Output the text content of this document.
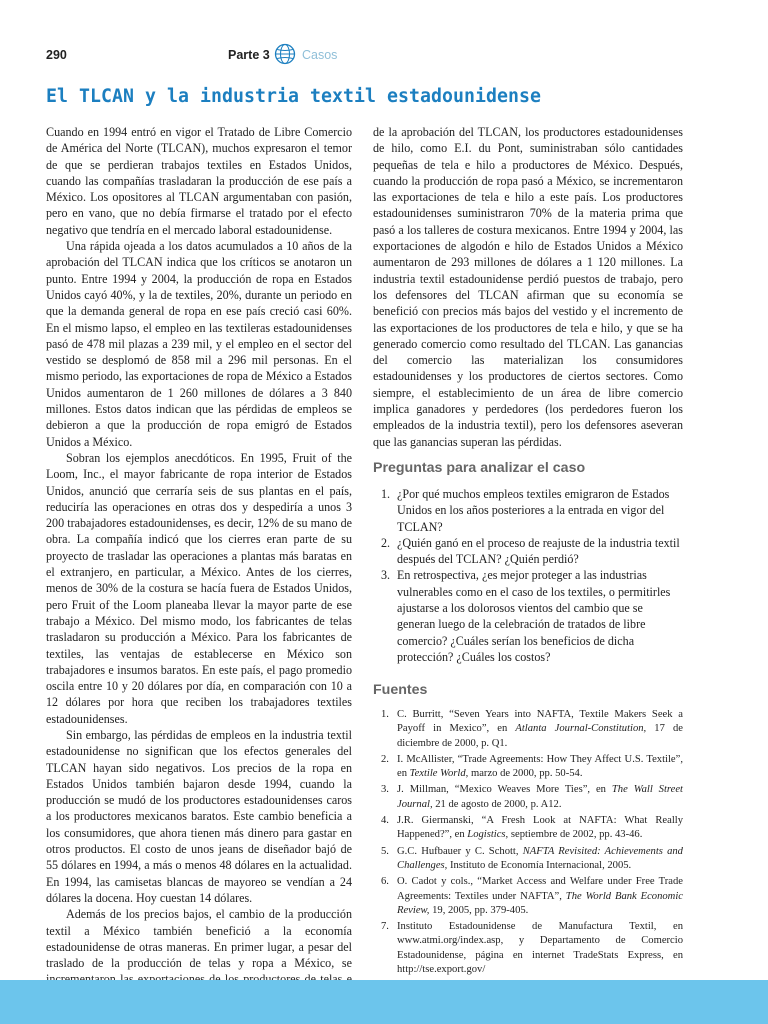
290	Parte 3	Casos
El TLCAN y la industria textil estadounidense

Cuando en 1994 entró en vigor el Tratado de Libre Comercio de América del Norte (TLCAN), muchos expresaron el temor de que se perdieran trabajos textiles en Estados Unidos, cuando las compañías trasladaran la producción de ese país a México. Los opositores al TLCAN argumentaban con pasión, pero en vano, que no debía firmarse el tratado por el efecto negativo que tendría en el mercado laboral estadounidense.

Una rápida ojeada a los datos acumulados a 10 años de la aprobación del TLCAN indica que los críticos se anotaron un punto. Entre 1994 y 2004, la producción de ropa en Estados Unidos cayó 40%, y la de textiles, 20%, durante un periodo en que la demanda general de ropa en ese país creció casi 60%. En el mismo lapso, el empleo en las textileras estadounidenses pasó de 478 mil plazas a 239 mil, y el empleo en el sector del vestido se desplomó de 858 mil a 296 mil personas. En el mismo periodo, las exportaciones de ropa de México a Estados Unidos aumentaron de 1 260 millones de dólares a 3 840 millones. Estos datos indican que las pérdidas de empleos se debieron a que la producción de ropa emigró de Estados Unidos a México.

Sobran los ejemplos anecdóticos. En 1995, Fruit of the Loom, Inc., el mayor fabricante de ropa interior de Estados Unidos, anunció que cerraría seis de sus plantas en el país, reduciría las operaciones en otras dos y despediría a unos 3 200 trabajadores estadounidenses, es decir, 12% de su mano de obra. La compañía indicó que los cierres eran parte de su proyecto de trasladar las operaciones a plantas más baratas en el extranjero, en particular, a México. Antes de los cierres, menos de 30% de la costura se hacía fuera de Estados Unidos, pero Fruit of the Loom planeaba llevar la mayor parte de ese trabajo a México. Del mismo modo, los fabricantes de telas trasladaron su producción a México. Para los fabricantes de textiles, las ventajas de establecerse en México son trabajadores e insumos baratos. En este país, el pago promedio oscila entre 10 y 20 dólares por día, en comparación con 10 a 12 dólares por hora que reciben los trabajadores textiles estadounidenses.

Sin embargo, las pérdidas de empleos en la industria textil estadounidense no significan que los efectos generales del TLCAN hayan sido negativos. Los precios de la ropa en Estados Unidos también bajaron desde 1994, cuando la producción se mudó de los productores estadounidenses caros a los productores mexicanos baratos. Este cambio beneficia a los consumidores, que ahora tienen más dinero para gastar en otros productos. El costo de unos jeans de diseñador bajó de 55 dólares en 1994, a más o menos 48 dólares en la actualidad. En 1994, las camisetas blancas de mayoreo se vendían a 24 dólares la docena. Hoy cuestan 14 dólares.

Además de los precios bajos, el cambio de la producción textil a México también benefició a la economía estadounidense de otras maneras. En primer lugar, a pesar del traslado de la producción de telas y ropa a México, se

de la aprobación del TLCAN, los productores estadounidenses de hilo, como E.I. du Pont, suministraban sólo cantidades pequeñas de tela e hilo a productores de México. Después, cuando la producción de ropa pasó a México, se incrementaron las exportaciones de tela e hilo a este país. Los productores estadounidenses suministraron 70% de la materia prima que pasó a los talleres de costura mexicanos. Entre 1994 y 2004, las exportaciones de algodón e hilo de Estados Unidos a México aumentaron de 293 millones de dólares a 1 120 millones. La industria textil estadounidense perdió puestos de trabajo, pero los defensores del TLCAN afirman que su economía se benefició con precios más bajos del vestido y el incremento de las exportaciones de los productores de tela e hilo, y que se ha generado comercio como resultado del TLCAN. Las ganancias del comercio las materializan los consumidores estadounidenses y los productores de ciertos sectores. Como siempre, el establecimiento de un área de libre comercio implica ganadores y perdedores (los perdedores fueron los empleados de la industria textil), pero los defensores aseveran que las ganancias superan las pérdidas.

Preguntas para analizar el caso
1. ¿Por qué muchos empleos textiles emigraron de Estados Unidos en los años posteriores a la entrada en vigor del TCLAN?
2. ¿Quién ganó en el proceso de reajuste de la industria textil después del TCLAN? ¿Quién perdió?
3. En retrospectiva, ¿es mejor proteger a las industrias vulnerables como en el caso de los textiles, o permitirles ajustarse a los dolorosos vientos del cambio que se generan luego de la celebración de tratados de libre comercio? ¿Cuáles serían los beneficios de dicha protección? ¿Cuáles los costos?
Fuentes
1. C. Burritt, “Seven Years into NAFTA, Textile Makers Seek a Payoff in Mexico”, en Atlanta Journal-Constitution, 17 de diciembre de 2000, p. Q1.
2. I. McAllister, “Trade Agreements: How They Affect U.S. Textile”, en Textile World, marzo de 2000, pp. 50-54.
3. J. Millman, “Mexico Weaves More Ties”, en The Wall Street Journal, 21 de agosto de 2000, p. A12.
4. J.R. Giermanski, “A Fresh Look at NAFTA: What Really Happened?”, en Logistics, septiembre de 2002, pp. 43-46.
5. G.C. Hufbauer y C. Schott, NAFTA Revisited: Achievements and Challenges, Instituto de Economía Internacional, 2005.
6. O. Cadot y cols., “Market Access and Welfare under Free Trade Agreements: Textiles under NAFTA”, The World Bank Economic Review, 19, 2005, pp. 379-405.
7. Instituto Estadounidense de Manufactura Textil, en www.atmi.org/index.asp, y Departamento de Comercio Estadounidense, página en internet TradeStats Express, en http://tse.export.gov/
